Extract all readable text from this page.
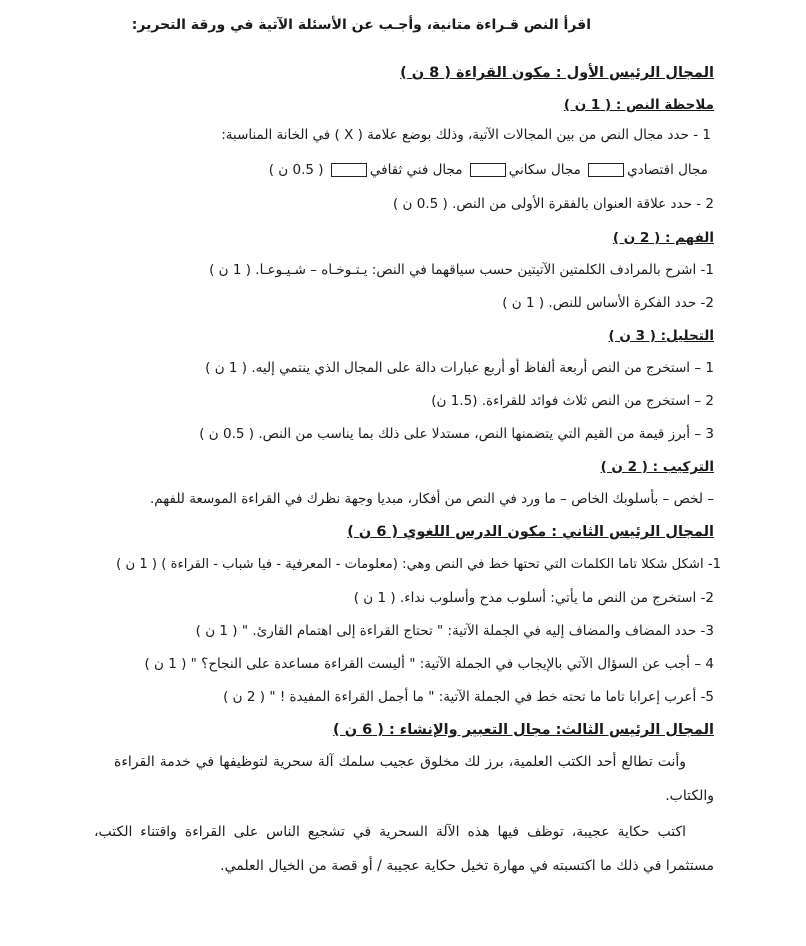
اقرأ النص قـراءة متانية، وأجـب عن الأسئلة الآتية في ورقة التحرير:
المجال الرئيس الأول : مكون القراءة ( 8 ن )
ملاحظة النص : ( 1 ن )
1 - حدد مجال النص من بين المجالات الآتية، وذلك بوضع علامة ( X ) في الخانة المناسبة:
مجال اقتصادي مجال سكاني مجال فني ثقافي ( 0.5 ن )
2 - حدد علاقة العنوان بالفقرة الأولى من النص. ( 0.5 ن )
الفهم : ( 2 ن )
1- اشرح بالمرادف الكلمتين الآتيتين حسب سياقهما في النص: يـتـوخـاه – شـيـوعـا. ( 1 ن )
2- حدد الفكرة الأساس للنص. ( 1 ن )
التحليل: ( 3 ن )
1 – استخرج من النص أربعة ألفاظ أو أربع عبارات دالة على المجال الذي ينتمي إليه. ( 1 ن )
2 – استخرج من النص ثلاث فوائد للقراءة. (1.5 ن)
3 – أبرز قيمة من القيم التي يتضمنها النص، مستدلا على ذلك بما يناسب من النص. ( 0.5 ن )
التركيب : ( 2 ن )
– لخص – بأسلوبك الخاص – ما ورد في النص من أفكار، مبديا وجهة نظرك في القراءة الموسعة للفهم.
المجال الرئيس الثاني : مكون الدرس اللغوي ( 6 ن )
1- اشكل شكلا تاما الكلمات التي تحتها خط في النص وهي: (معلومات - المعرفية - فيا شباب - القراءة ) ( 1 ن )
2- استخرج من النص ما يأتي: أسلوب مدح وأسلوب نداء. ( 1 ن )
3- حدد المضاف والمضاف إليه في الجملة الآتية: " تحتاج القراءة إلى اهتمام القارئ. " ( 1 ن )
4 – أجب عن السؤال الآتي بالإيجاب في الجملة الآتية: " أليست القراءة مساعدة على النجاح؟ " ( 1 ن )
5- أعرب إعرابا تاما ما تحته خط في الجملة الآتية: " ما أجمل القراءة المفيدة ! " ( 2 ن )
المجال الرئيس الثالث: مجال التعبير والإنشاء : ( 6 ن )
وأنت تطالع أحد الكتب العلمية، برز لك مخلوق عجيب سلمك آلة سحرية لتوظيفها في خدمة القراءة والكتاب.
اكتب حكاية عجيبة، توظف فيها هذه الآلة السحرية في تشجيع الناس على القراءة واقتناء الكتب، مستثمرا في ذلك ما اكتسبته في مهارة تخيل حكاية عجيبة / أو قصة من الخيال العلمي.
